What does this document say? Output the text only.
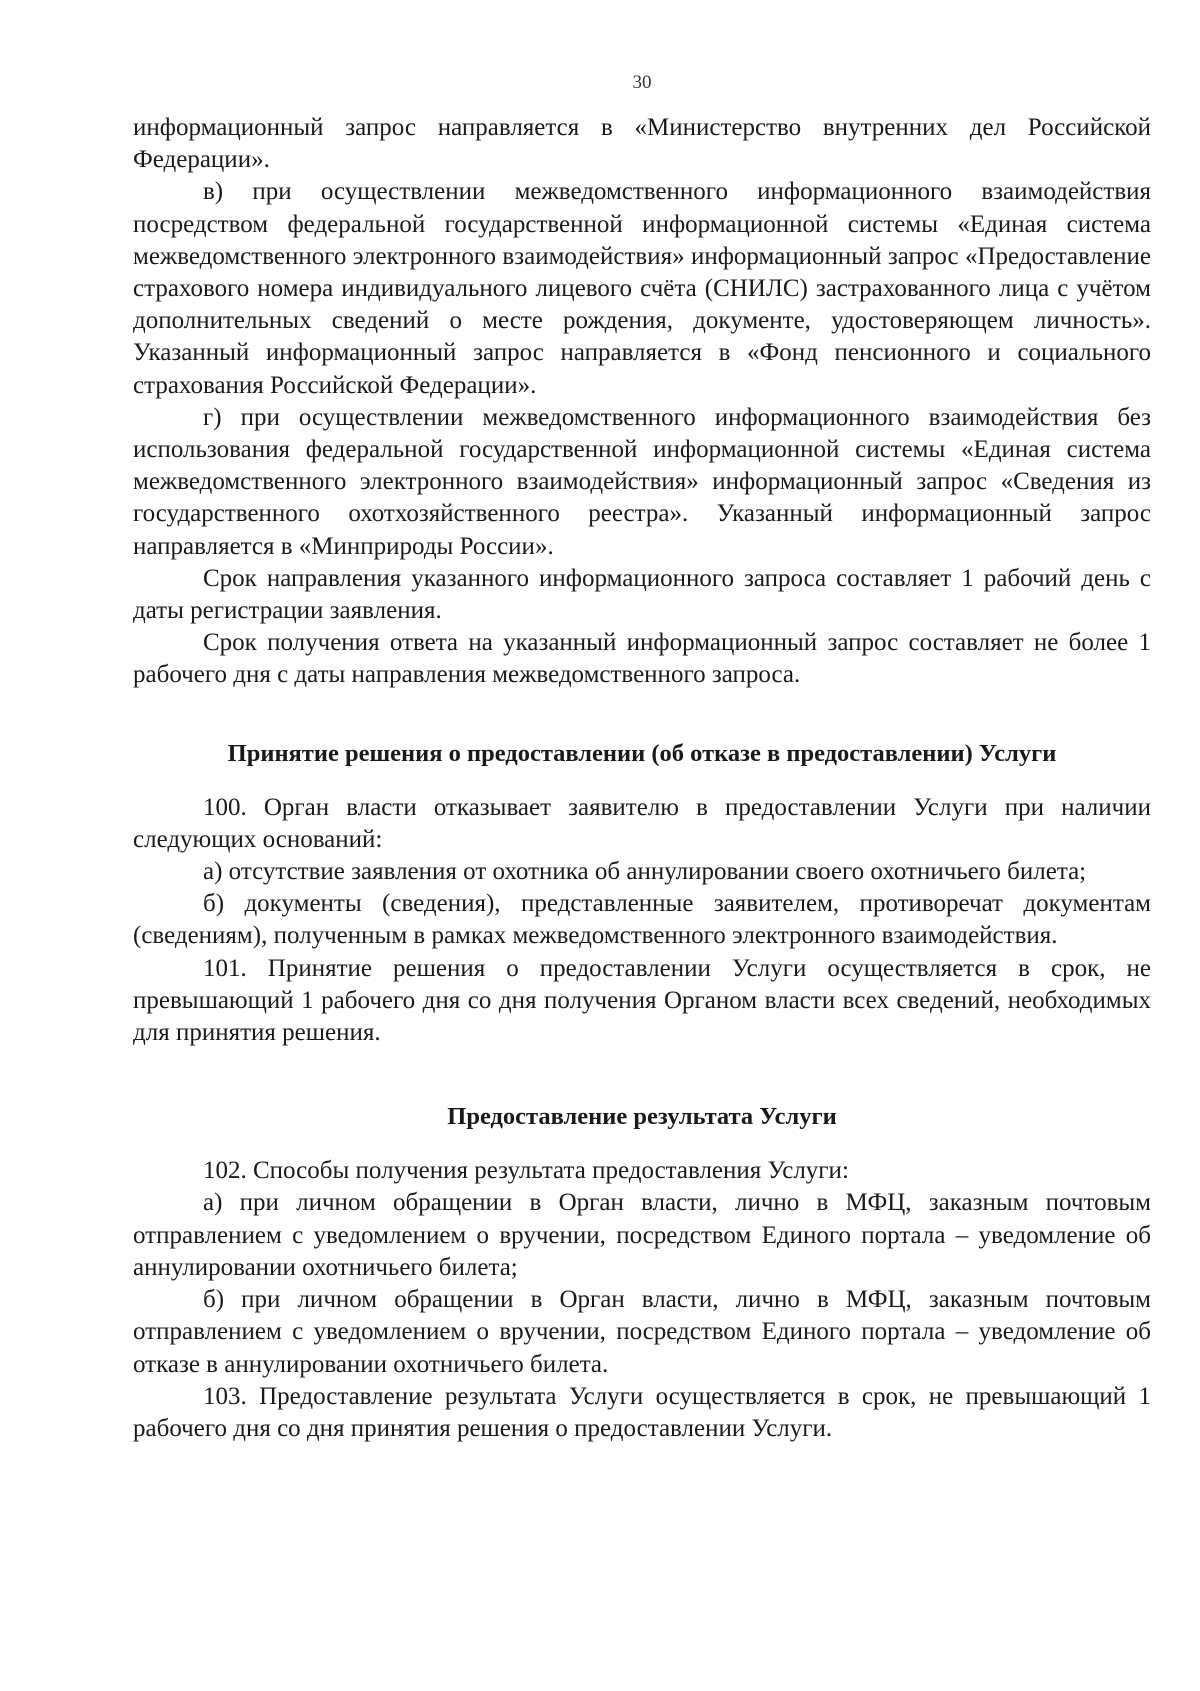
30

информационный запрос направляется в «Министерство внутренних дел Российской Федерации».

в) при осуществлении межведомственного информационного взаимодействия посредством федеральной государственной информационной системы «Единая система межведомственного электронного взаимодействия» информационный запрос «Предоставление страхового номера индивидуального лицевого счёта (СНИЛС) застрахованного лица с учётом дополнительных сведений о месте рождения, документе, удостоверяющем личность». Указанный информационный запрос направляется в «Фонд пенсионного и социального страхования Российской Федерации».

г) при осуществлении межведомственного информационного взаимодействия без использования федеральной государственной информационной системы «Единая система межведомственного электронного взаимодействия» информационный запрос «Сведения из государственного охотхозяйственного реестра». Указанный информационный запрос направляется в «Минприроды России».

Срок направления указанного информационного запроса составляет 1 рабочий день с даты регистрации заявления.

Срок получения ответа на указанный информационный запрос составляет не более 1 рабочего дня с даты направления межведомственного запроса.

Принятие решения о предоставлении (об отказе в предоставлении) Услуги

100. Орган власти отказывает заявителю в предоставлении Услуги при наличии следующих оснований:

а) отсутствие заявления от охотника об аннулировании своего охотничьего билета;

б) документы (сведения), представленные заявителем, противоречат документам (сведениям), полученным в рамках межведомственного электронного взаимодействия.

101. Принятие решения о предоставлении Услуги осуществляется в срок, не превышающий 1 рабочего дня со дня получения Органом власти всех сведений, необходимых для принятия решения.

Предоставление результата Услуги

102. Способы получения результата предоставления Услуги:

а) при личном обращении в Орган власти, лично в МФЦ, заказным почтовым отправлением с уведомлением о вручении, посредством Единого портала – уведомление об аннулировании охотничьего билета;

б) при личном обращении в Орган власти, лично в МФЦ, заказным почтовым отправлением с уведомлением о вручении, посредством Единого портала – уведомление об отказе в аннулировании охотничьего билета.

103. Предоставление результата Услуги осуществляется в срок, не превышающий 1 рабочего дня со дня принятия решения о предоставлении Услуги.
